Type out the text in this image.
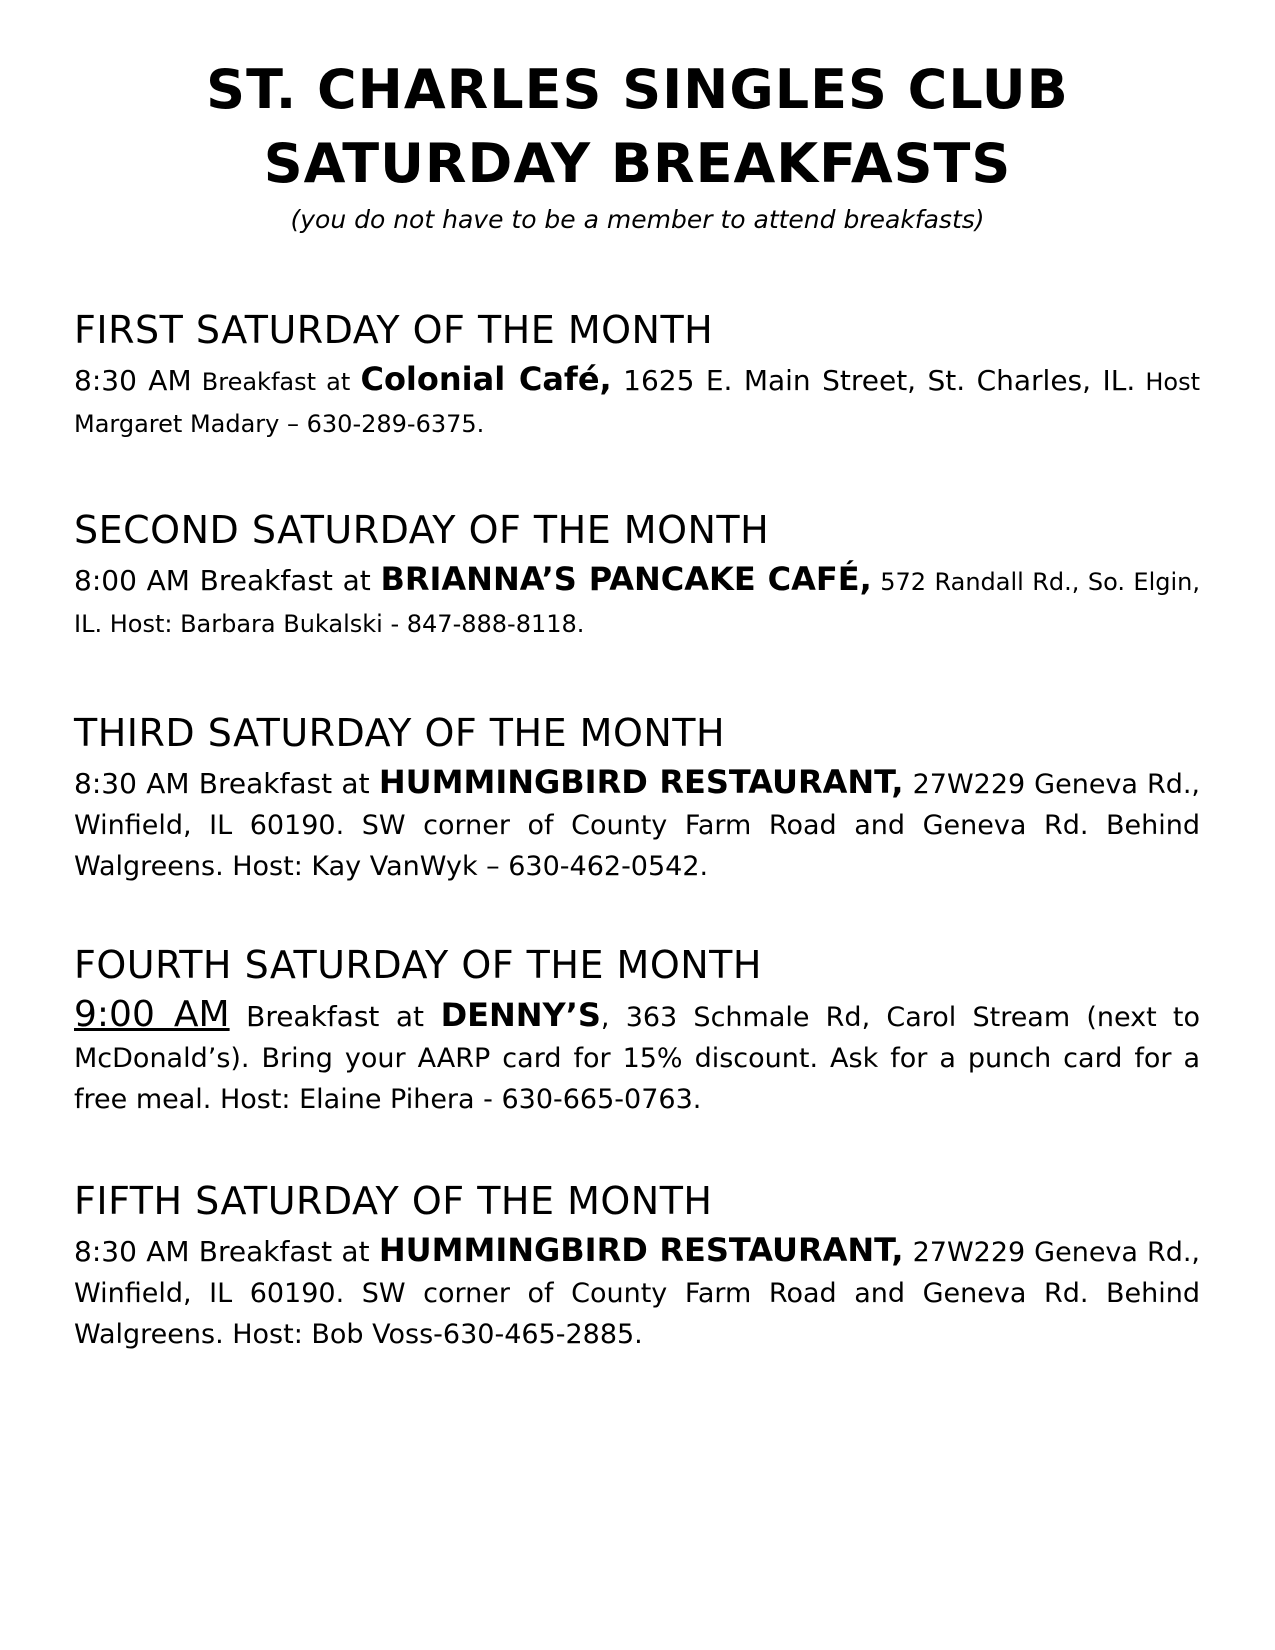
ST. CHARLES SINGLES CLUB
SATURDAY BREAKFASTS
(you do not have to be a member to attend breakfasts)
FIRST SATURDAY OF THE MONTH

8:30 AM Breakfast at Colonial Café, 1625 E. Main Street, St. Charles, IL. Host Margaret Madary – 630-289-6375.

SECOND SATURDAY OF THE MONTH

8:00 AM Breakfast at BRIANNA’S PANCAKE CAFÉ, 572 Randall Rd., So. Elgin, IL. Host: Barbara Bukalski - 847-888-8118.

THIRD SATURDAY OF THE MONTH

8:30 AM Breakfast at HUMMINGBIRD RESTAURANT, 27W229 Geneva Rd., Winfield, IL 60190. SW corner of County Farm Road and Geneva Rd. Behind Walgreens. Host: Kay VanWyk – 630-462-0542.

FOURTH SATURDAY OF THE MONTH

9:00 AM Breakfast at DENNY’S, 363 Schmale Rd, Carol Stream (next to McDonald’s). Bring your AARP card for 15% discount. Ask for a punch card for a free meal. Host: Elaine Pihera - 630-665-0763.

FIFTH SATURDAY OF THE MONTH

8:30 AM Breakfast at HUMMINGBIRD RESTAURANT, 27W229 Geneva Rd., Winfield, IL 60190. SW corner of County Farm Road and Geneva Rd. Behind Walgreens. Host: Bob Voss-630-465-2885.
